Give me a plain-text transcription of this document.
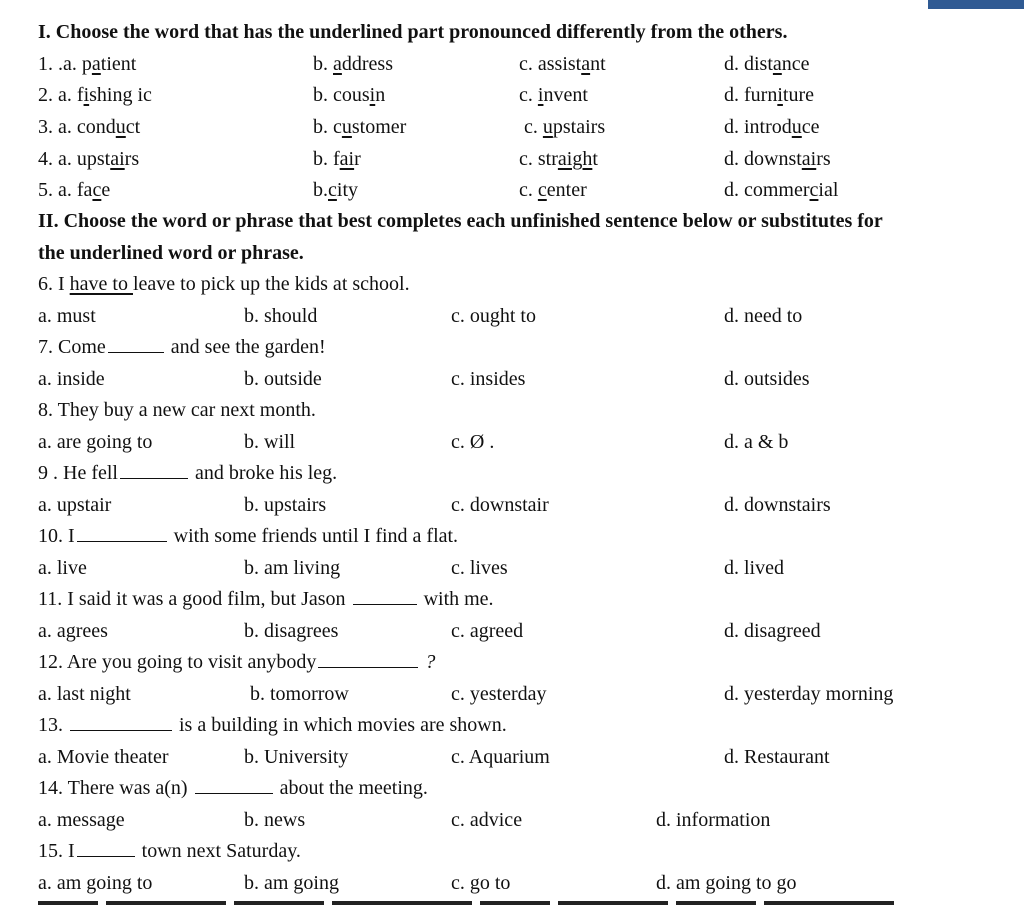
I. Choose the word that has the underlined part pronounced differently from the others.
1. .a. patient	b. address	c. assistant	d. distance
2. a. fishing ic	b. cousin	c. invent	d. furniture
3. a. conduct	b. customer	c. upstairs	d. introduce
4. a. upstairs	b. fair	c. straight	d. downstairs
5. a. face	b.city	c. center	d. commercial
II. Choose the word or phrase that best completes each unfinished sentence below or substitutes for
the underlined word or phrase.
6. I have to leave to pick up the kids at school.
a. must	b. should	c. ought to	d. need to
7. Come	and see the garden!
a. inside	b. outside	c. insides	d. outsides
8. They buy a new car next month.
a. are going to	b. will	c. Ø .	d. a & b
9 . He fell	and broke his leg.
a. upstair	b. upstairs	c. downstair	d. downstairs
10. I	with some friends until I find a flat.
a. live	b. am living	c. lives	d. lived
11. I said it was a good film, but Jason	with me.
a. agrees	b. disagrees	c. agreed	d. disagreed
12. Are you going to visit anybody	?
a. last night	b. tomorrow	c. yesterday	d. yesterday morning
13.	is a building in which movies are shown.
a. Movie theater	b. University	c. Aquarium	d. Restaurant
14. There was a(n)	about the meeting.
a. message	b. news	c. advice	d. information
15. I	town next Saturday.
a. am going to	b. am going	c. go to	d. am going to go
